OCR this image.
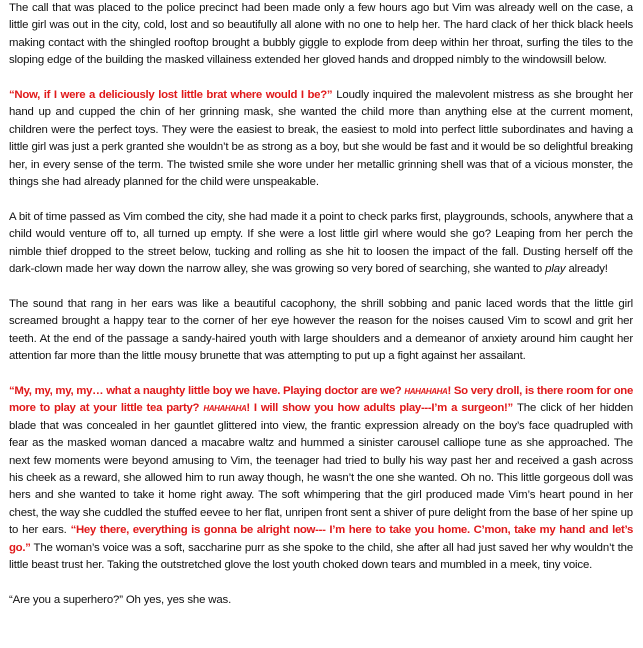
The call that was placed to the police precinct had been made only a few hours ago but Vim was already well on the case, a little girl was out in the city, cold, lost and so beautifully all alone with no one to help her. The hard clack of her thick black heels making contact with the shingled rooftop brought a bubbly giggle to explode from deep within her throat, surfing the tiles to the sloping edge of the building the masked villainess extended her gloved hands and dropped nimbly to the windowsill below.

“Now, if I were a deliciously lost little brat where would I be?” Loudly inquired the malevolent mistress as she brought her hand up and cupped the chin of her grinning mask, she wanted the child more than anything else at the current moment, children were the perfect toys. They were the easiest to break, the easiest to mold into perfect little subordinates and having a little girl was just a perk granted she wouldn’t be as strong as a boy, but she would be fast and it would be so delightful breaking her, in every sense of the term. The twisted smile she wore under her metallic grinning shell was that of a vicious monster, the things she had already planned for the child were unspeakable.

A bit of time passed as Vim combed the city, she had made it a point to check parks first, playgrounds, schools, anywhere that a child would venture off to, all turned up empty. If she were a lost little girl where would she go? Leaping from her perch the nimble thief dropped to the street below, tucking and rolling as she hit to loosen the impact of the fall. Dusting herself off the dark-clown made her way down the narrow alley, she was growing so very bored of searching, she wanted to play already!

The sound that rang in her ears was like a beautiful cacophony, the shrill sobbing and panic laced words that the little girl screamed brought a happy tear to the corner of her eye however the reason for the noises caused Vim to scowl and grit her teeth. At the end of the passage a sandy-haired youth with large shoulders and a demeanor of anxiety around him caught her attention far more than the little mousy brunette that was attempting to put up a fight against her assailant.

“My, my, my, my… what a naughty little boy we have. Playing doctor are we? HAHAHAHA! So very droll, is there room for one more to play at your little tea party? HAHAHAHA! I will show you how adults play---I’m a surgeon!” The click of her hidden blade that was concealed in her gauntlet glittered into view, the frantic expression already on the boy’s face quadrupled with fear as the masked woman danced a macabre waltz and hummed a sinister carousel calliope tune as she approached. The next few moments were beyond amusing to Vim, the teenager had tried to bully his way past her and received a gash across his cheek as a reward, she allowed him to run away though, he wasn’t the one she wanted. Oh no. This little gorgeous doll was hers and she wanted to take it home right away. The soft whimpering that the girl produced made Vim’s heart pound in her chest, the way she cuddled the stuffed eevee to her flat, unripen front sent a shiver of pure delight from the base of her spine up to her ears. “Hey there, everything is gonna be alright now--- I’m here to take you home. C’mon, take my hand and let’s go.” The woman’s voice was a soft, saccharine purr as she spoke to the child, she after all had just saved her why wouldn’t the little beast trust her. Taking the outstretched glove the lost youth choked down tears and mumbled in a meek, tiny voice.

“Are you a superhero?” Oh yes, yes she was.
